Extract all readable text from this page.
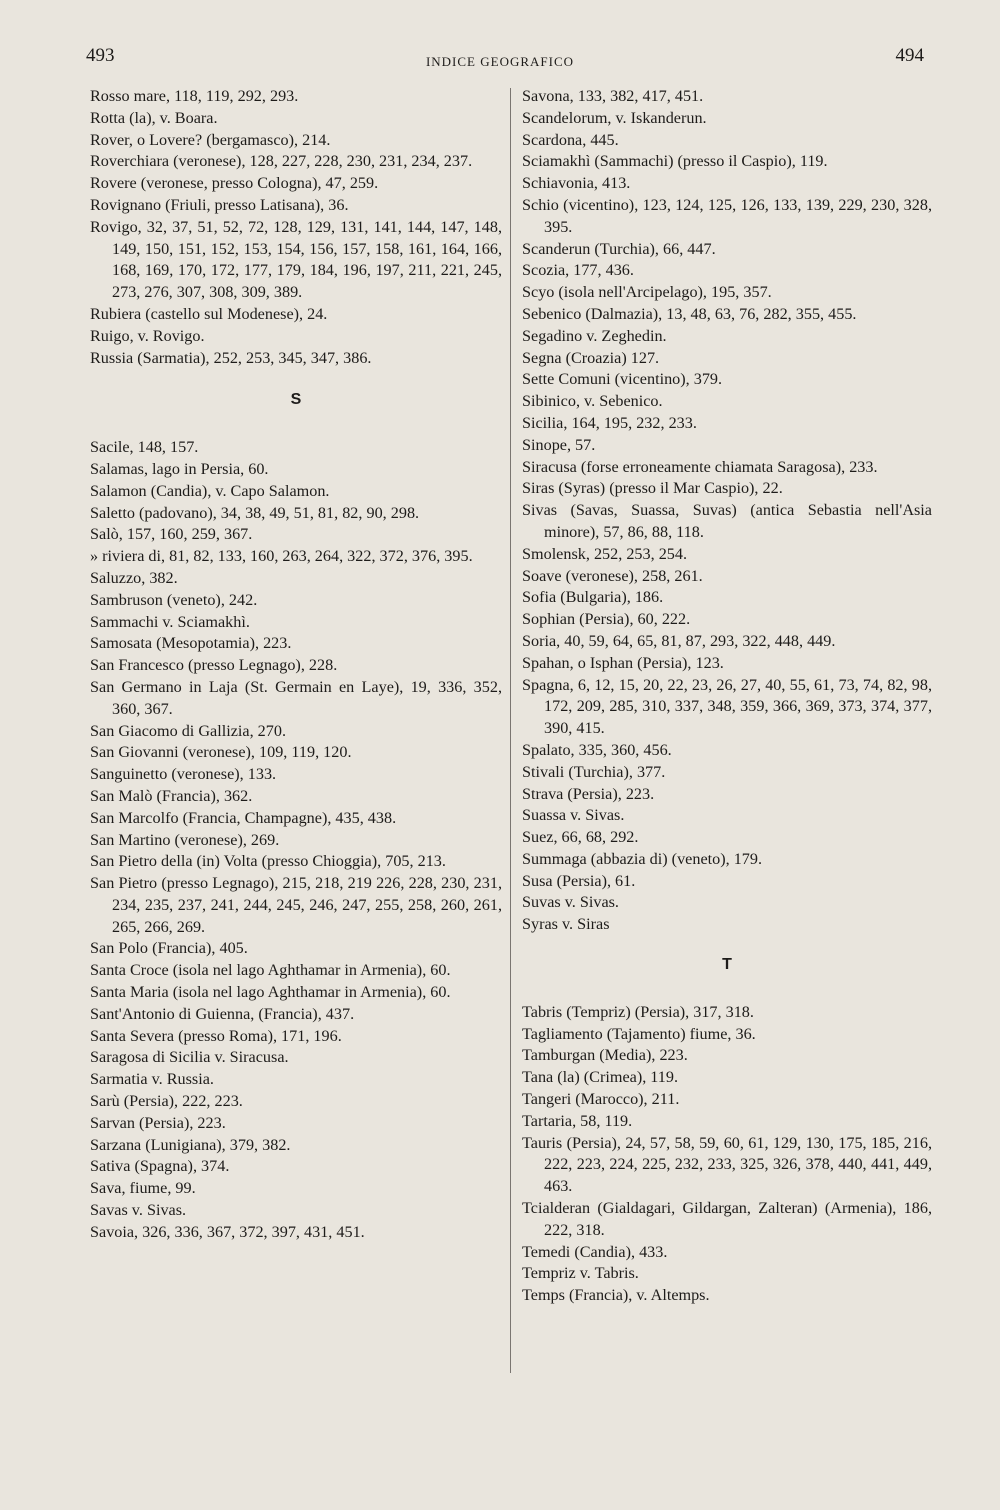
493	INDICE GEOGRAFICO	494
Rosso mare, 118, 119, 292, 293.
Rotta (la), v. Boara.
Rover, o Lovere? (bergamasco), 214.
Roverchiara (veronese), 128, 227, 228, 230, 231, 234, 237.
Rovere (veronese, presso Cologna), 47, 259.
Rovignano (Friuli, presso Latisana), 36.
Rovigo, 32, 37, 51, 52, 72, 128, 129, 131, 141, 144, 147, 148, 149, 150, 151, 152, 153, 154, 156, 157, 158, 161, 164, 166, 168, 169, 170, 172, 177, 179, 184, 196, 197, 211, 221, 245, 273, 276, 307, 308, 309, 389.
Rubiera (castello sul Modenese), 24.
Ruigo, v. Rovigo.
Russia (Sarmatia), 252, 253, 345, 347, 386.
S
Sacile, 148, 157.
Salamas, lago in Persia, 60.
Salamon (Candia), v. Capo Salamon.
Saletto (padovano), 34, 38, 49, 51, 81, 82, 90, 298.
Salò, 157, 160, 259, 367.
» riviera di, 81, 82, 133, 160, 263, 264, 322, 372, 376, 395.
Saluzzo, 382.
Sambruson (veneto), 242.
Sammachi v. Sciamakhì.
Samosata (Mesopotamia), 223.
San Francesco (presso Legnago), 228.
San Germano in Laja (St. Germain en Laye), 19, 336, 352, 360, 367.
San Giacomo di Gallizia, 270.
San Giovanni (veronese), 109, 119, 120.
Sanguinetto (veronese), 133.
San Malò (Francia), 362.
San Marcolfo (Francia, Champagne), 435, 438.
San Martino (veronese), 269.
San Pietro della (in) Volta (presso Chioggia), 705, 213.
San Pietro (presso Legnago), 215, 218, 219 226, 228, 230, 231, 234, 235, 237, 241, 244, 245, 246, 247, 255, 258, 260, 261, 265, 266, 269.
San Polo (Francia), 405.
Santa Croce (isola nel lago Aghthamar in Armenia), 60.
Santa Maria (isola nel lago Aghthamar in Armenia), 60.
Sant'Antonio di Guienna, (Francia), 437.
Santa Severa (presso Roma), 171, 196.
Saragosa di Sicilia v. Siracusa.
Sarmatia v. Russia.
Sarù (Persia), 222, 223.
Sarvan (Persia), 223.
Sarzana (Lunigiana), 379, 382.
Sativa (Spagna), 374.
Sava, fiume, 99.
Savas v. Sivas.
Savoia, 326, 336, 367, 372, 397, 431, 451.
Savona, 133, 382, 417, 451.
Scandelorum, v. Iskanderun.
Scardona, 445.
Sciamakhì (Sammachi) (presso il Caspio), 119.
Schiavonia, 413.
Schio (vicentino), 123, 124, 125, 126, 133, 139, 229, 230, 328, 395.
Scanderun (Turchia), 66, 447.
Scozia, 177, 436.
Scyo (isola nell'Arcipelago), 195, 357.
Sebenico (Dalmazia), 13, 48, 63, 76, 282, 355, 455.
Segadino v. Zeghedin.
Segna (Croazia) 127.
Sette Comuni (vicentino), 379.
Sibinico, v. Sebenico.
Sicilia, 164, 195, 232, 233.
Sinope, 57.
Siracusa (forse erroneamente chiamata Saragosa), 233.
Siras (Syras) (presso il Mar Caspio), 22.
Sivas (Savas, Suassa, Suvas) (antica Sebastia nell'Asia minore), 57, 86, 88, 118.
Smolensk, 252, 253, 254.
Soave (veronese), 258, 261.
Sofia (Bulgaria), 186.
Sophian (Persia), 60, 222.
Soria, 40, 59, 64, 65, 81, 87, 293, 322, 448, 449.
Spahan, o Isphan (Persia), 123.
Spagna, 6, 12, 15, 20, 22, 23, 26, 27, 40, 55, 61, 73, 74, 82, 98, 172, 209, 285, 310, 337, 348, 359, 366, 369, 373, 374, 377, 390, 415.
Spalato, 335, 360, 456.
Stivali (Turchia), 377.
Strava (Persia), 223.
Suassa v. Sivas.
Suez, 66, 68, 292.
Summaga (abbazia di) (veneto), 179.
Susa (Persia), 61.
Suvas v. Sivas.
Syras v. Siras
T
Tabris (Tempriz) (Persia), 317, 318.
Tagliamento (Tajamento) fiume, 36.
Tamburgan (Media), 223.
Tana (la) (Crimea), 119.
Tangeri (Marocco), 211.
Tartaria, 58, 119.
Tauris (Persia), 24, 57, 58, 59, 60, 61, 129, 130, 175, 185, 216, 222, 223, 224, 225, 232, 233, 325, 326, 378, 440, 441, 449, 463.
Tcialderan (Gialdagari, Gildargan, Zalteran) (Armenia), 186, 222, 318.
Temedi (Candia), 433.
Tempriz v. Tabris.
Temps (Francia), v. Altemps.
